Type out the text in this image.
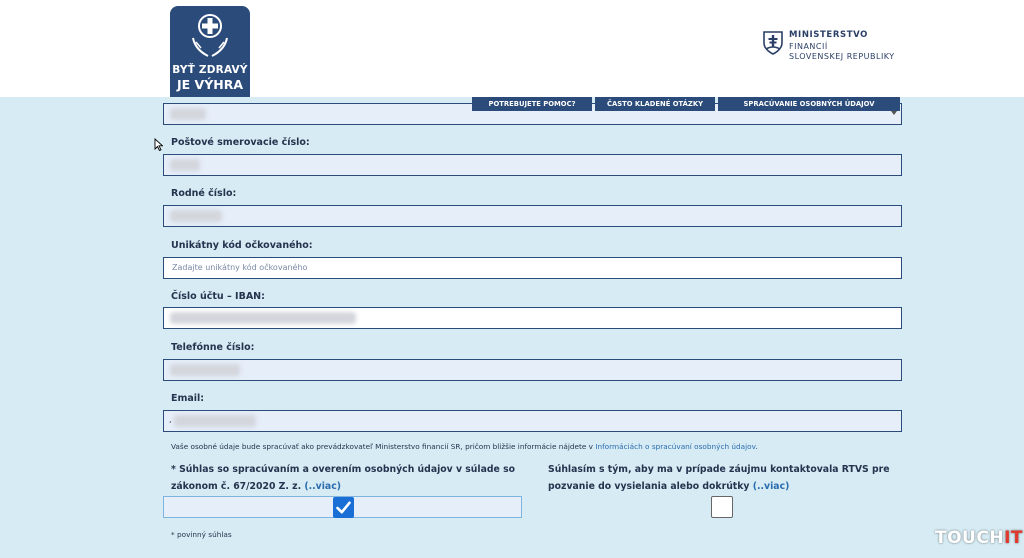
BYŤ ZDRAVÝ
JE VÝHRA
MINISTERSTVO
FINANCIÍ
SLOVENSKEJ REPUBLIKY
POTREBUJETE POMOC?	ČASTO KLADENÉ OTÁZKY	SPRACÚVANIE OSOBNÝCH ÚDAJOV
Poštové smerovacie číslo:
Rodné číslo:
Unikátny kód očkovaného:
Zadajte unikátny kód očkovaného
Číslo účtu – IBAN:
Telefónne číslo:
Email:
,
Vaše osobné údaje bude spracúvať ako prevádzkovateľ Ministerstvo financií SR, pričom bližšie informácie nájdete v Informáciách o spracúvaní osobných údajov.
* Súhlas so spracúvaním a overením osobných údajov v súlade so
zákonom č. 67/2020 Z. z. (..viac)
Súhlasím s tým, aby ma v prípade záujmu kontaktovala RTVS pre
pozvanie do vysielania alebo dokrútky (..viac)
* povinný súhlas	TOUCHIT
